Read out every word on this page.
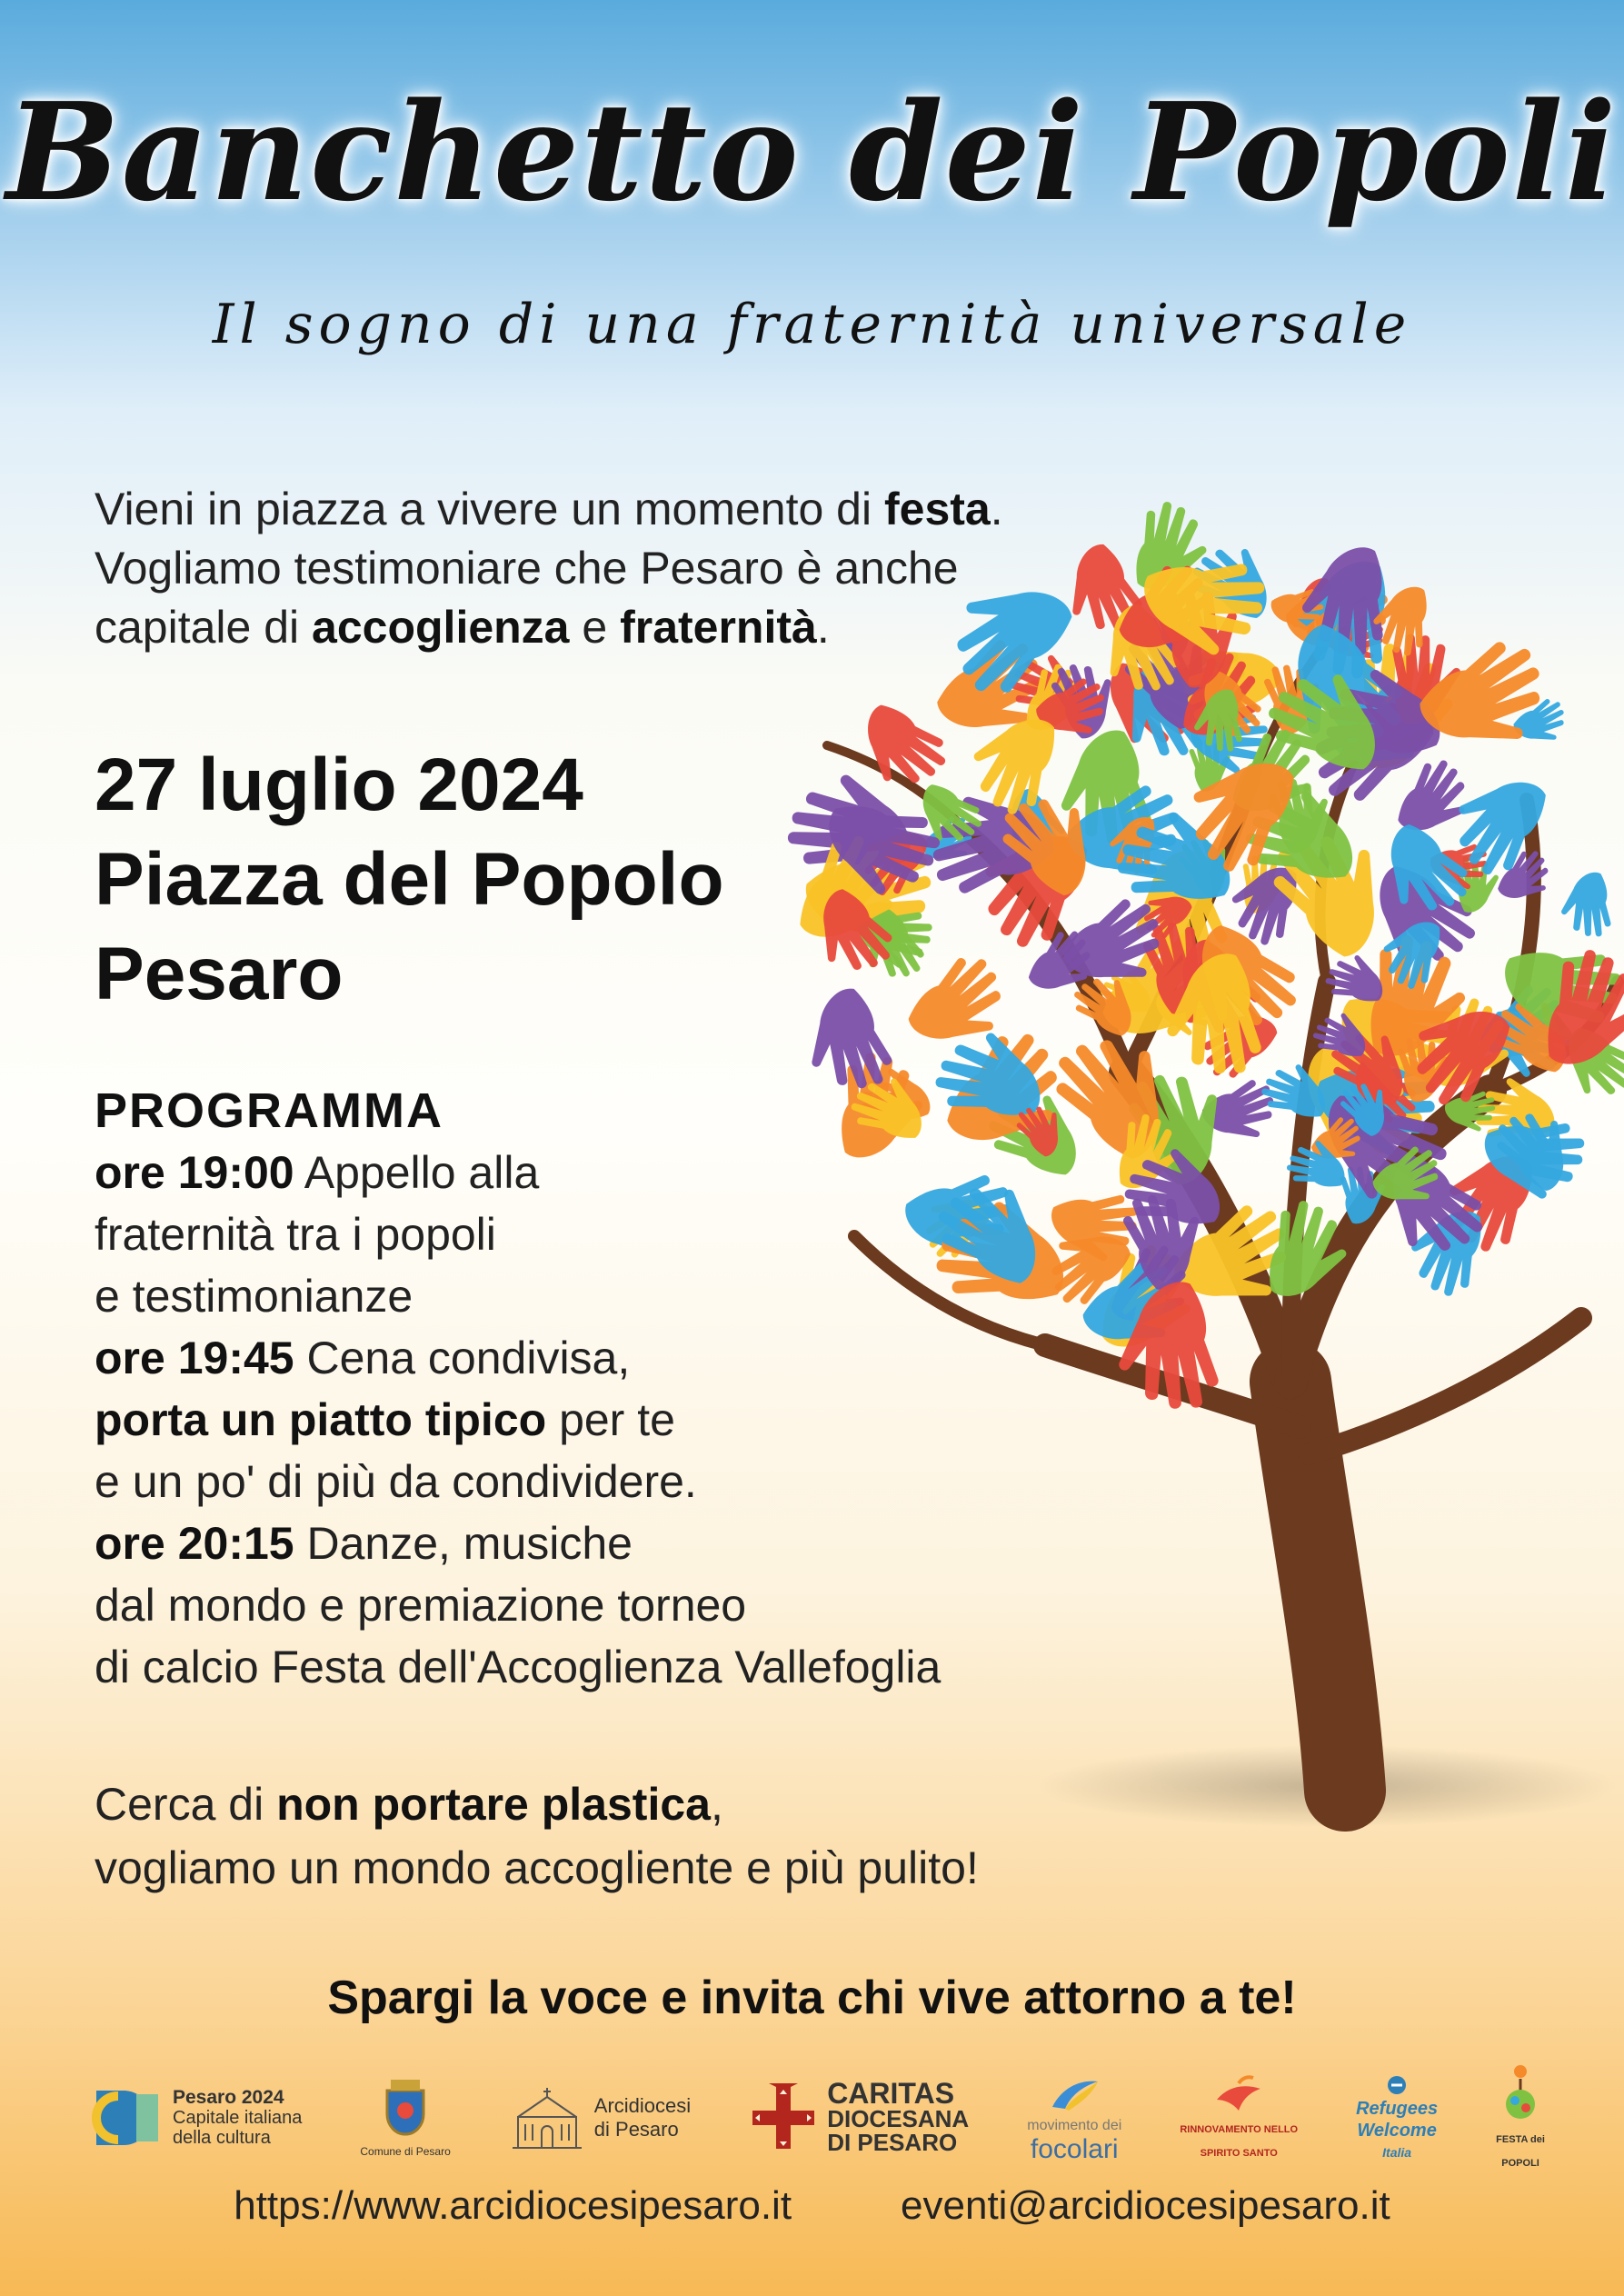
Banchetto dei Popoli
Il sogno di una fraternità universale
Vieni in piazza a vivere un momento di festa.
Vogliamo testimoniare che Pesaro è anche
capitale di accoglienza e fraternità.
27 luglio 2024
Piazza del Popolo
Pesaro
PROGRAMMA
ore 19:00 Appello alla
fraternità tra i popoli
e testimonianze
ore 19:45 Cena condivisa,
porta un piatto tipico per te
e un po' di più da condividere.
ore 20:15 Danze, musiche
dal mondo e premiazione torneo
di calcio Festa dell'Accoglienza Vallefoglia
Cerca di non portare plastica,
vogliamo un mondo accogliente e più pulito!
Spargi la voce e invita chi vive attorno a te!
Pesaro 2024
Capitale italiana
della cultura
Comune di Pesaro
Arcidiocesi
di Pesaro
CARITAS
DIOCESANA
DI PESARO
movimento dei
focolari
RINNOVAMENTO NELLO
SPIRITO SANTO
Refugees
Welcome
Italia
FESTA dei
POPOLI
https://www.arcidiocesipesaro.it	eventi@arcidiocesipesaro.it
